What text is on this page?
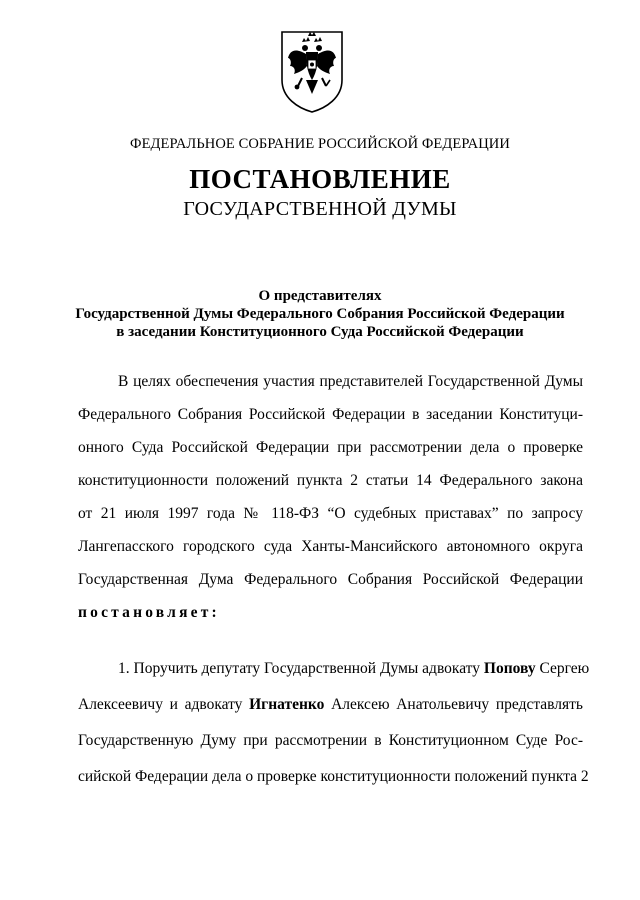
ФЕДЕРАЛЬНОЕ СОБРАНИЕ РОССИЙСКОЙ ФЕДЕРАЦИИ
ПОСТАНОВЛЕНИЕ
ГОСУДАРСТВЕННОЙ ДУМЫ
О представителях
Государственной Думы Федерального Собрания Российской Федерации
в заседании Конституционного Суда Российской Федерации
В целях обеспечения участия представителей Государственной Думы
Федерального Собрания Российской Федерации в заседании Конституци-
онного Суда Российской Федерации при рассмотрении дела о проверке
конституционности положений пункта 2 статьи 14 Федерального закона
от 21 июля 1997 года № 118-ФЗ “О судебных приставах” по запросу
Лангепасского городского суда Ханты-Мансийского автономного округа
Государственная Дума Федерального Собрания Российской Федерации
постановляет:
1. Поручить депутату Государственной Думы адвокату Попову Сергею
Алексеевичу и адвокату Игнатенко Алексею Анатольевичу представлять
Государственную Думу при рассмотрении в Конституционном Суде Рос-
сийской Федерации дела о проверке конституционности положений пункта 2
